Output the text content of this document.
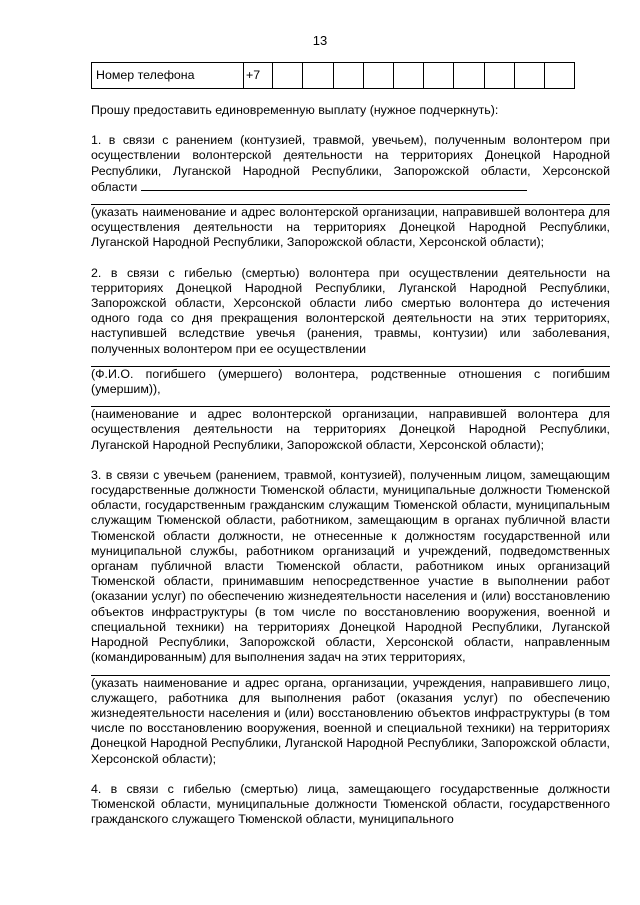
13
Номер телефона	+7

Прошу предоставить единовременную выплату (нужное подчеркнуть):

1. в связи с ранением (контузией, травмой, увечьем), полученным волонтером при осуществлении волонтерской деятельности на территориях Донецкой Народной Республики, Луганской Народной Республики, Запорожской области, Херсонской области

(указать наименование и адрес волонтерской организации, направившей волонтера для осуществления деятельности на территориях Донецкой Народной Республики, Луганской Народной Республики, Запорожской области, Херсонской области);

2. в связи с гибелью (смертью) волонтера при осуществлении деятельности на территориях Донецкой Народной Республики, Луганской Народной Республики, Запорожской области, Херсонской области либо смертью волонтера до истечения одного года со дня прекращения волонтерской деятельности на этих территориях, наступившей вследствие увечья (ранения, травмы, контузии) или заболевания, полученных волонтером при ее осуществлении

(Ф.И.О. погибшего (умершего) волонтера, родственные отношения с погибшим (умершим)),

(наименование и адрес волонтерской организации, направившей волонтера для осуществления деятельности на территориях Донецкой Народной Республики, Луганской Народной Республики, Запорожской области, Херсонской области);

3. в связи с увечьем (ранением, травмой, контузией), полученным лицом, замещающим государственные должности Тюменской области, муниципальные должности Тюменской области, государственным гражданским служащим Тюменской области, муниципальным служащим Тюменской области, работником, замещающим в органах публичной власти Тюменской области должности, не отнесенные к должностям государственной или муниципальной службы, работником организаций и учреждений, подведомственных органам публичной власти Тюменской области, работником иных организаций Тюменской области, принимавшим непосредственное участие в выполнении работ (оказании услуг) по обеспечению жизнедеятельности населения и (или) восстановлению объектов инфраструктуры (в том числе по восстановлению вооружения, военной и специальной техники) на территориях Донецкой Народной Республики, Луганской Народной Республики, Запорожской области, Херсонской области, направленным (командированным) для выполнения задач на этих территориях,

(указать наименование и адрес органа, организации, учреждения, направившего лицо, служащего, работника для выполнения работ (оказания услуг) по обеспечению жизнедеятельности населения и (или) восстановлению объектов инфраструктуры (в том числе по восстановлению вооружения, военной и специальной техники) на территориях Донецкой Народной Республики, Луганской Народной Республики, Запорожской области, Херсонской области);

4. в связи с гибелью (смертью) лица, замещающего государственные должности Тюменской области, муниципальные должности Тюменской области, государственного гражданского служащего Тюменской области, муниципального
